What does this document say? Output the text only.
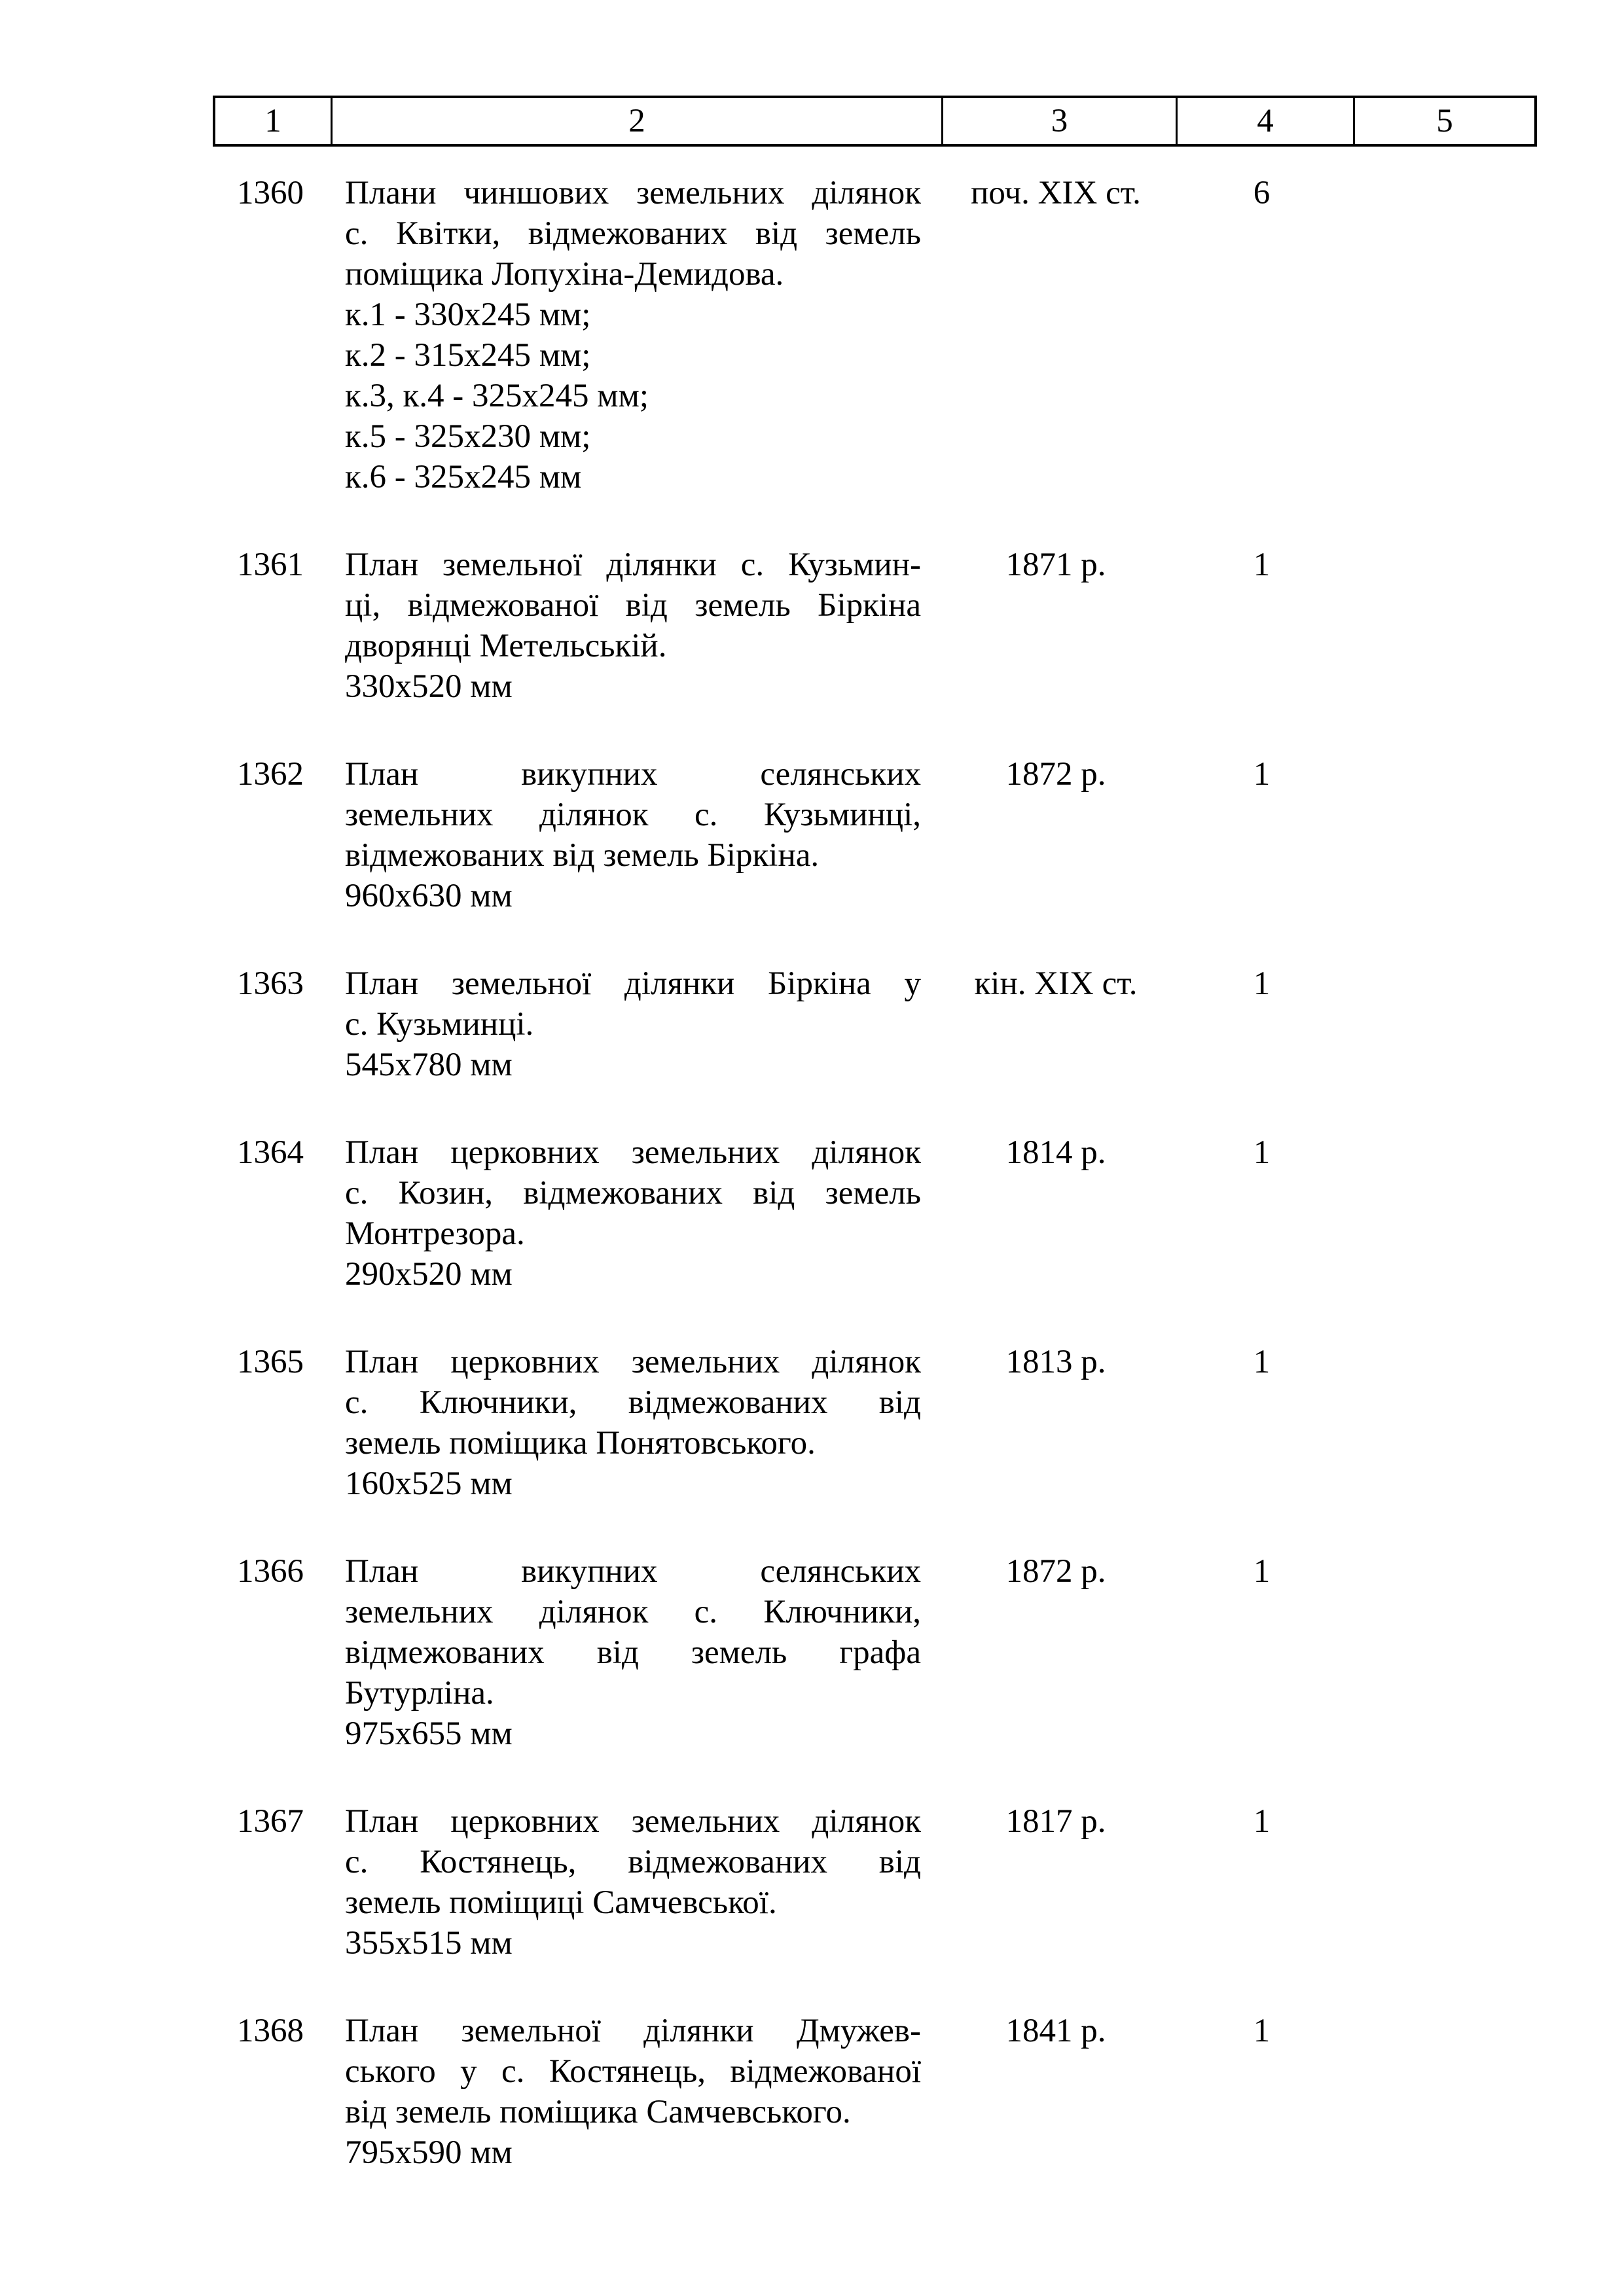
1	2	3	4	5
1360	Плани чиншових земельних ділянок
с. Квітки, відмежованих від земель
поміщика Лопухіна-Демидова.
к.1 - 330х245 мм;
к.2 - 315х245 мм;
к.3, к.4 - 325х245 мм;
к.5 - 325х230 мм;
к.6 - 325х245 мм
поч. XIX ст.	6
1361	План земельної ділянки с. Кузьмин-
ці, відмежованої від земель Біркіна
дворянці Метельській.
330х520 мм
1871 р.	1
1362	План викупних селянських
земельних ділянок с. Кузьминці,
відмежованих від земель Біркіна.
960х630 мм
1872 р.	1
1363	План земельної ділянки Біркіна у
с. Кузьминці.
545х780 мм
кін. XIX ст.	1
1364	План церковних земельних ділянок
с. Козин, відмежованих від земель
Монтрезора.
290х520 мм
1814 р.	1
1365	План церковних земельних ділянок
с. Ключники, відмежованих від
земель поміщика Понятовського.
160х525 мм
1813 р.	1
1366	План викупних селянських
земельних ділянок с. Ключники,
відмежованих від земель графа
Бутурліна.
975х655 мм
1872 р.	1
1367	План церковних земельних ділянок
с. Костянець, відмежованих від
земель поміщиці Самчевської.
355х515 мм
1817 р.	1
1368	План земельної ділянки Дмужев-
ського у с. Костянець, відмежованої
від земель поміщика Самчевського.
795х590 мм
1841 р.	1
